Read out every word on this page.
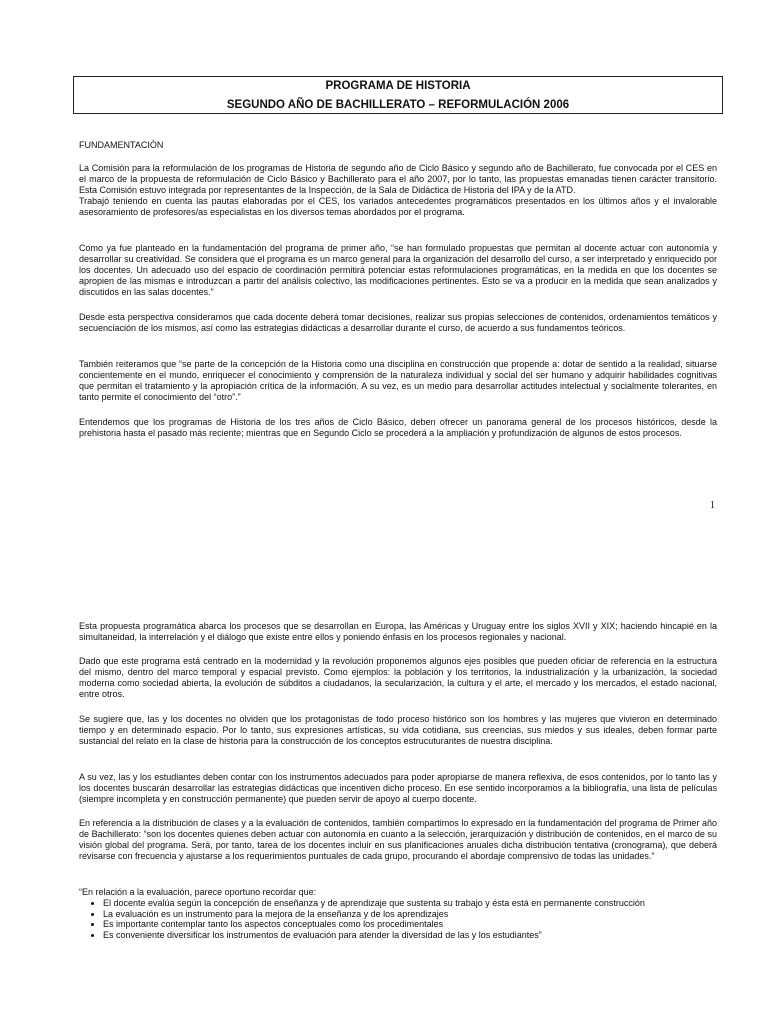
PROGRAMA DE HISTORIA
SEGUNDO AÑO DE BACHILLERATO – REFORMULACIÓN 2006
FUNDAMENTACIÓN

La Comisión para la reformulación de los programas de Historia de segundo año de Ciclo Básico y segundo año de Bachillerato, fue convocada por el CES en el marco de la propuesta de reformulación de Ciclo Básico y Bachillerato para el año 2007, por lo tanto, las propuestas emanadas tienen carácter transitorio. Esta Comisión estuvo integrada por representantes de la Inspección, de la Sala de Didáctica de Historia del IPA y de la ATD.

Trabajó teniendo en cuenta las pautas elaboradas por el CES, los variados antecedentes programáticos presentados en los últimos años y el invalorable asesoramiento de profesores/as especialistas en los diversos temas abordados por el programa.

Como ya fue planteado en la fundamentación del programa de primer año, “se han formulado propuestas que permitan al docente actuar con autonomía y desarrollar su creatividad. Se considera que el programa es un marco general para la organización del desarrollo del curso, a ser interpretado y enriquecido por los docentes. Un adecuado uso del espacio de coordinación permitirá potenciar estas reformulaciones programáticas, en la medida en que los docentes se apropien de las mismas e introduzcan a partir del análisis colectivo, las modificaciones pertinentes. Esto se va a producir en la medida que sean analizados y discutidos en las salas docentes.”
Desde esta perspectiva consideramos que cada docente deberá tomar decisiones, realizar sus propias selecciones de contenidos, ordenamientos temáticos y secuenciación de los mismos, así como las estrategias didácticas a desarrollar durante el curso, de acuerdo a sus fundamentos teóricos.
También reiteramos que “se parte de la concepción de la Historia como una disciplina en construcción que propende a: dotar de sentido a la realidad, situarse concientemente en el mundo, enriquecer el conocimiento y comprensión de la naturaleza individual y social del ser humano y adquirir habilidades cognitivas que permitan el tratamiento y la apropiación crítica de la información. A su vez, es un medio para desarrollar actitudes intelectual y socialmente tolerantes, en tanto permite el conocimiento del “otro”.”
Entendemos que los programas de Historia de los tres años de Ciclo Básico, deben ofrecer un panorama general de los procesos históricos, desde la prehistoria hasta el pasado más reciente; mientras que en Segundo Ciclo se procederá a la ampliación y profundización de algunos de estos procesos.
1
Esta propuesta programática abarca los procesos que se desarrollan en Europa, las Américas y Uruguay entre los siglos XVII y XIX; haciendo hincapié en la simultaneidad, la interrelación y el diálogo que existe entre ellos y poniendo énfasis en los procesos regionales y nacional.
Dado que este programa está centrado en la modernidad y la revolución proponemos algunos ejes posibles que pueden oficiar de referencia en la estructura del mismo, dentro del marco temporal y espacial previsto. Como ejemplos: la población y los territorios, la industrialización y la urbanización, la sociedad moderna como sociedad abierta, la evolución de súbditos a ciudadanos, la secularización, la cultura y el arte, el mercado y los mercados, el estado nacional, entre otros.
Se sugiere que, las y los docentes no olviden que los protagonistas de todo proceso histórico son los hombres y las mujeres que vivieron en determinado tiempo y en determinado espacio. Por lo tanto, sus expresiones artísticas, su vida cotidiana, sus creencias, sus miedos y sus ideales, deben formar parte sustancial del relato en la clase de historia para la construcción de los conceptos estrucuturantes de nuestra disciplina.
A su vez, las y los estudiantes deben contar con los instrumentos adecuados para poder apropiarse de manera reflexiva, de esos contenidos, por lo tanto las y los docentes buscarán desarrollar las estrategias didácticas que incentiven dicho proceso. En ese sentido incorporamos a la bibliografía, una lista de películas (siempre incompleta y en construcción permanente) que pueden servir de apoyo al cuerpo docente.
En referencia a la distribución de clases y a la evaluación de contenidos, también compartimos lo expresado en la fundamentación del programa de Primer año de Bachillerato: “son los docentes quienes deben actuar con autonomía en cuanto a la selección, jerarquización y distribución de contenidos, en el marco de su visión global del programa. Será, por tanto, tarea de los docentes incluir en sus planificaciones anuales dicha distribución tentativa (cronograma), que deberá revisarse con frecuencia y ajustarse a los requerimientos puntuales de cada grupo, procurando el abordaje comprensivo de todas las unidades.”

“En relación a la evaluación, parece oportuno recordar que:

• El docente evalúa según la concepción de enseñanza y de aprendizaje que sustenta su trabajo y ésta está en permanente construcción
• La evaluación es un instrumento para la mejora de la enseñanza y de los aprendizajes
• Es importante contemplar tanto los aspectos conceptuales como los procedimentales
• Es conveniente diversificar los instrumentos de evaluación para atender la diversidad de las y los estudiantes”
